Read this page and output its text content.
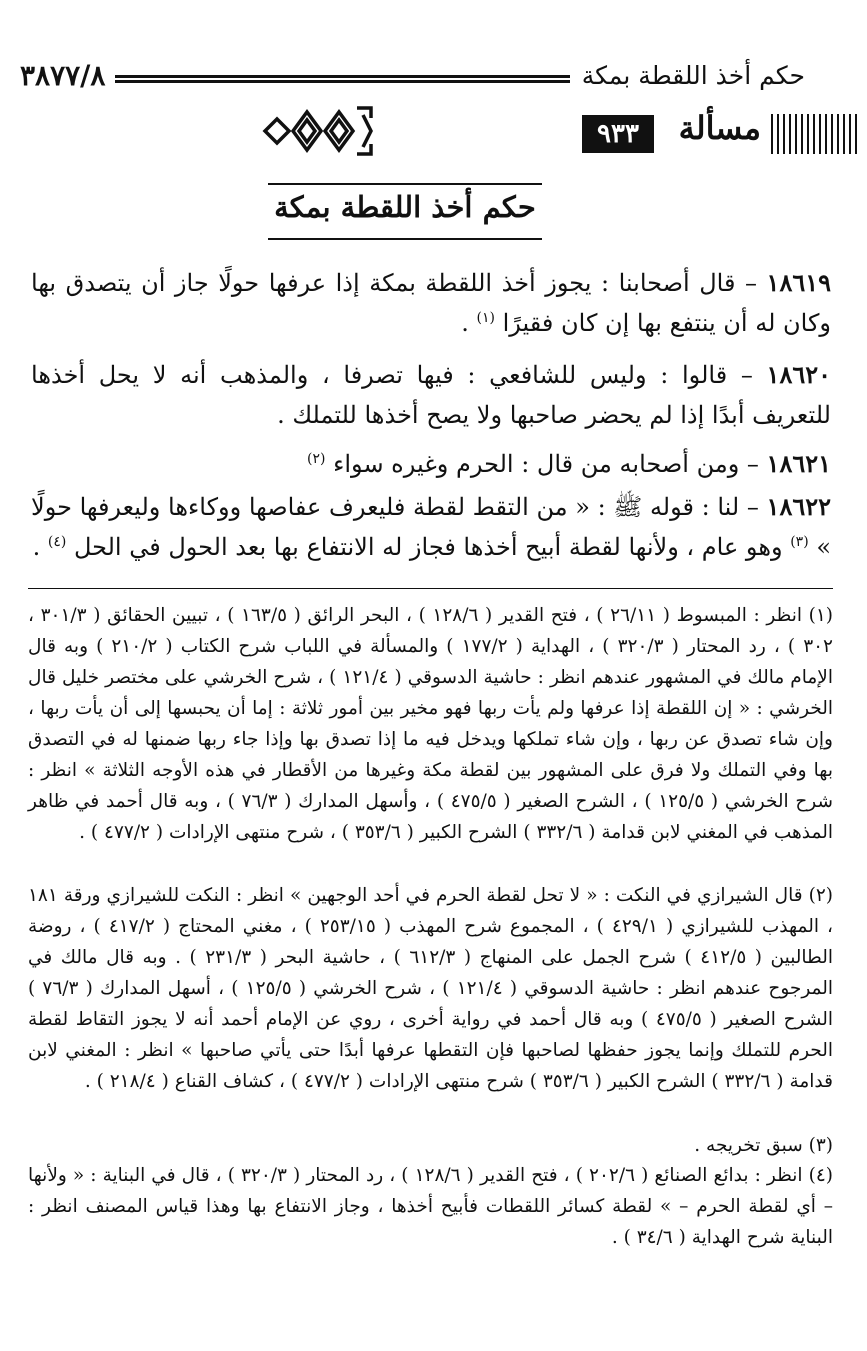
حكم أخذ اللقطة بمكة
٣٨٧٧/٨
مسألة
٩٣٣
حكم أخذ اللقطة بمكة

١٨٦١٩ – قال أصحابنا : يجوز أخذ اللقطة بمكة إذا عرفها حولًا جاز أن يتصدق بها وكان له أن ينتفع بها إن كان فقيرًا $^{(١)}$ .

١٨٦٢٠ – قالوا : وليس للشافعي : فيها تصرفا ، والمذهب أنه لا يحل أخذها للتعريف أبدًا إذا لم يحضر صاحبها ولا يصح أخذها للتملك .

١٨٦٢١ – ومن أصحابه من قال : الحرم وغيره سواء $^{(٢)}$

١٨٦٢٢ – لنا : قوله ﷺ : « من التقط لقطة فليعرف عفاصها ووكاءها وليعرفها حولًا » $^{(٣)}$ وهو عام ، ولأنها لقطة أبيح أخذها فجاز له الانتفاع بها بعد الحول في الحل $^{(٤)}$ .

(١) انظر : المبسوط ( ٢٦/١١ ) ، فتح القدير ( ١٢٨/٦ ) ، البحر الرائق ( ١٦٣/٥ ) ، تبيين الحقائق ( ٣٠١/٣ ، ٣٠٢ ) ، رد المحتار ( ٣٢٠/٣ ) ، الهداية ( ١٧٧/٢ ) والمسألة في اللباب شرح الكتاب ( ٢١٠/٢ ) وبه قال الإمام مالك في المشهور عندهم انظر : حاشية الدسوقي ( ١٢١/٤ ) ، شرح الخرشي على مختصر خليل قال الخرشي : « إن اللقطة إذا عرفها ولم يأت ربها فهو مخير بين أمور ثلاثة : إما أن يحبسها إلى أن يأت ربها ، وإن شاء تصدق عن ربها ، وإن شاء تملكها ويدخل فيه ما إذا تصدق بها وإذا جاء ربها ضمنها له في التصدق بها وفي التملك ولا فرق على المشهور بين لقطة مكة وغيرها من الأقطار في هذه الأوجه الثلاثة » انظر : شرح الخرشي ( ١٢٥/٥ ) ، الشرح الصغير ( ٤٧٥/٥ ) ، وأسهل المدارك ( ٧٦/٣ ) ، وبه قال أحمد في ظاهر المذهب في المغني لابن قدامة ( ٣٣٢/٦ ) الشرح الكبير ( ٣٥٣/٦ ) ، شرح منتهى الإرادات ( ٤٧٧/٢ ) .

(٢) قال الشيرازي في النكت : « لا تحل لقطة الحرم في أحد الوجهين » انظر : النكت للشيرازي ورقة ١٨١ ، المهذب للشيرازي ( ٤٢٩/١ ) ، المجموع شرح المهذب ( ٢٥٣/١٥ ) ، مغني المحتاج ( ٤١٧/٢ ) ، روضة الطالبين ( ٤١٢/٥ ) شرح الجمل على المنهاج ( ٦١٢/٣ ) ، حاشية البحر ( ٢٣١/٣ ) . وبه قال مالك في المرجوح عندهم انظر : حاشية الدسوقي ( ١٢١/٤ ) ، شرح الخرشي ( ١٢٥/٥ ) ، أسهل المدارك ( ٧٦/٣ ) الشرح الصغير ( ٤٧٥/٥ ) وبه قال أحمد في رواية أخرى ، روي عن الإمام أحمد أنه لا يجوز التقاط لقطة الحرم للتملك وإنما يجوز حفظها لصاحبها فإن التقطها عرفها أبدًا حتى يأتي صاحبها » انظر : المغني لابن قدامة ( ٣٣٢/٦ ) الشرح الكبير ( ٣٥٣/٦ ) شرح منتهى الإرادات ( ٤٧٧/٢ ) ، كشاف القناع ( ٢١٨/٤ ) .

(٣) سبق تخريجه .

(٤) انظر : بدائع الصنائع ( ٢٠٢/٦ ) ، فتح القدير ( ١٢٨/٦ ) ، رد المحتار ( ٣٢٠/٣ ) ، قال في البناية : « ولأنها – أي لقطة الحرم – » لقطة كسائر اللقطات فأبيح أخذها ، وجاز الانتفاع بها وهذا قياس المصنف انظر : البناية شرح الهداية ( ٣٤/٦ ) .
